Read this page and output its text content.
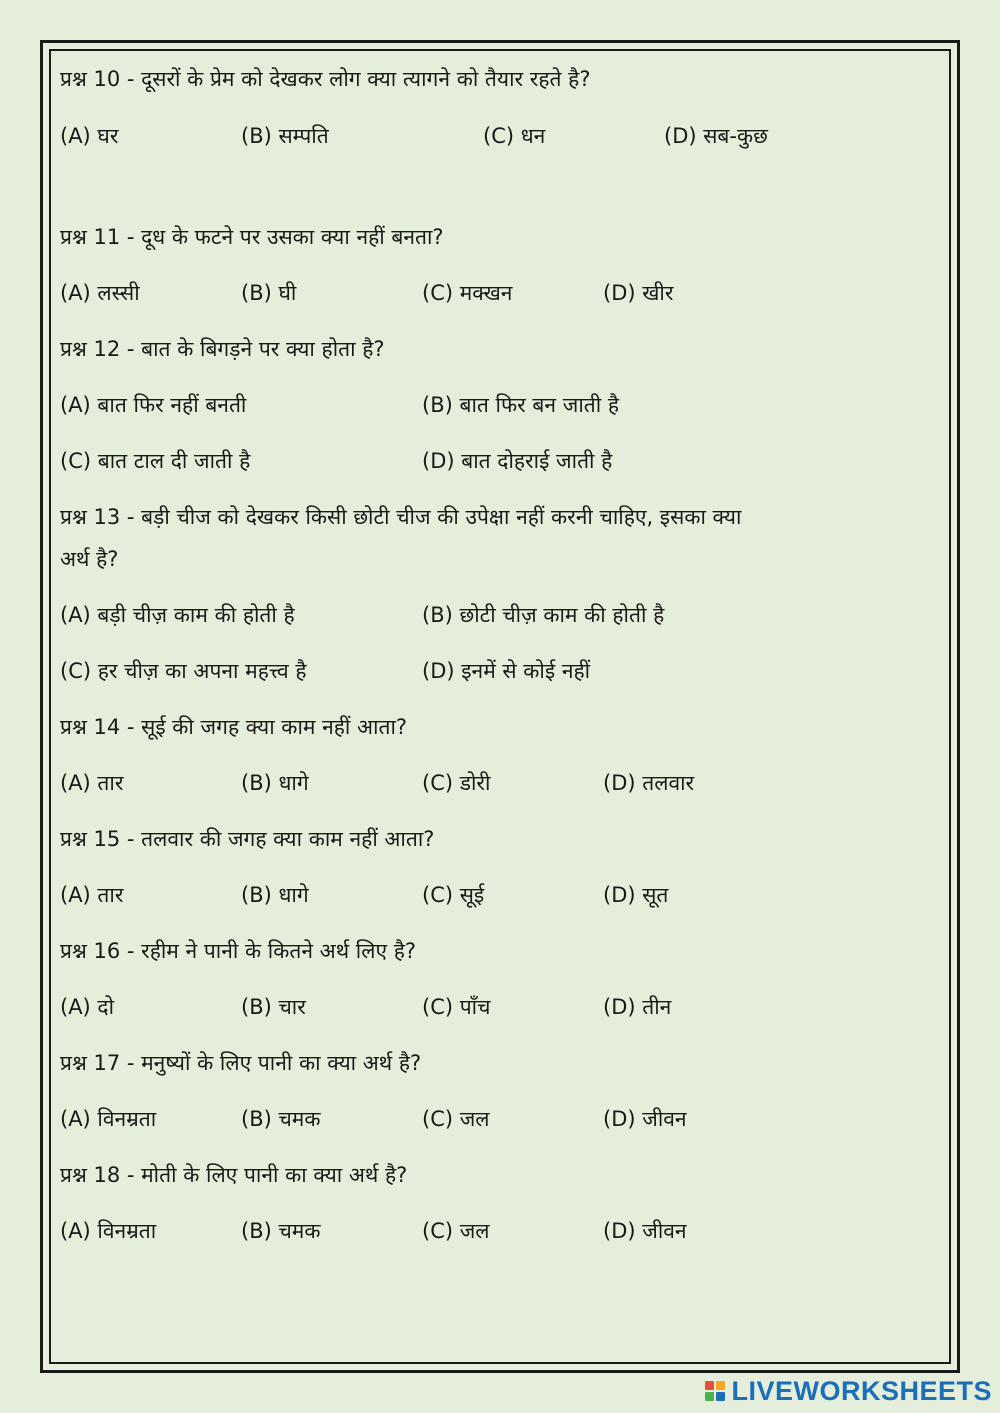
प्रश्न 10 - दूसरों के प्रेम को देखकर लोग क्या त्यागने को तैयार रहते है?
(A) घर	(B) सम्पति	(C) धन	(D) सब-कुछ
प्रश्न 11 - दूध के फटने पर उसका क्या नहीं बनता?
(A) लस्सी	(B) घी	(C) मक्खन	(D) खीर
प्रश्न 12 - बात के बिगड़ने पर क्या होता है?
(A) बात फिर नहीं बनती	(B) बात फिर बन जाती है
(C) बात टाल दी जाती है	(D) बात दोहराई जाती है
प्रश्न 13 - बड़ी चीज को देखकर किसी छोटी चीज की उपेक्षा नहीं करनी चाहिए, इसका क्या
अर्थ है?
(A) बड़ी चीज़ काम की होती है	(B) छोटी चीज़ काम की होती है
(C) हर चीज़ का अपना महत्त्व है	(D) इनमें से कोई नहीं
प्रश्न 14 - सूई की जगह क्या काम नहीं आता?
(A) तार	(B) धागे	(C) डोरी	(D) तलवार
प्रश्न 15 - तलवार की जगह क्या काम नहीं आता?
(A) तार	(B) धागे	(C) सूई	(D) सूत
प्रश्न 16 - रहीम ने पानी के कितने अर्थ लिए है?
(A) दो	(B) चार	(C) पाँच	(D) तीन
प्रश्न 17 - मनुष्यों के लिए पानी का क्या अर्थ है?
(A) विनम्रता	(B) चमक	(C) जल	(D) जीवन
प्रश्न 18 - मोती के लिए पानी का क्या अर्थ है?
(A) विनम्रता	(B) चमक	(C) जल	(D) जीवन
LIVEWORKSHEETS
